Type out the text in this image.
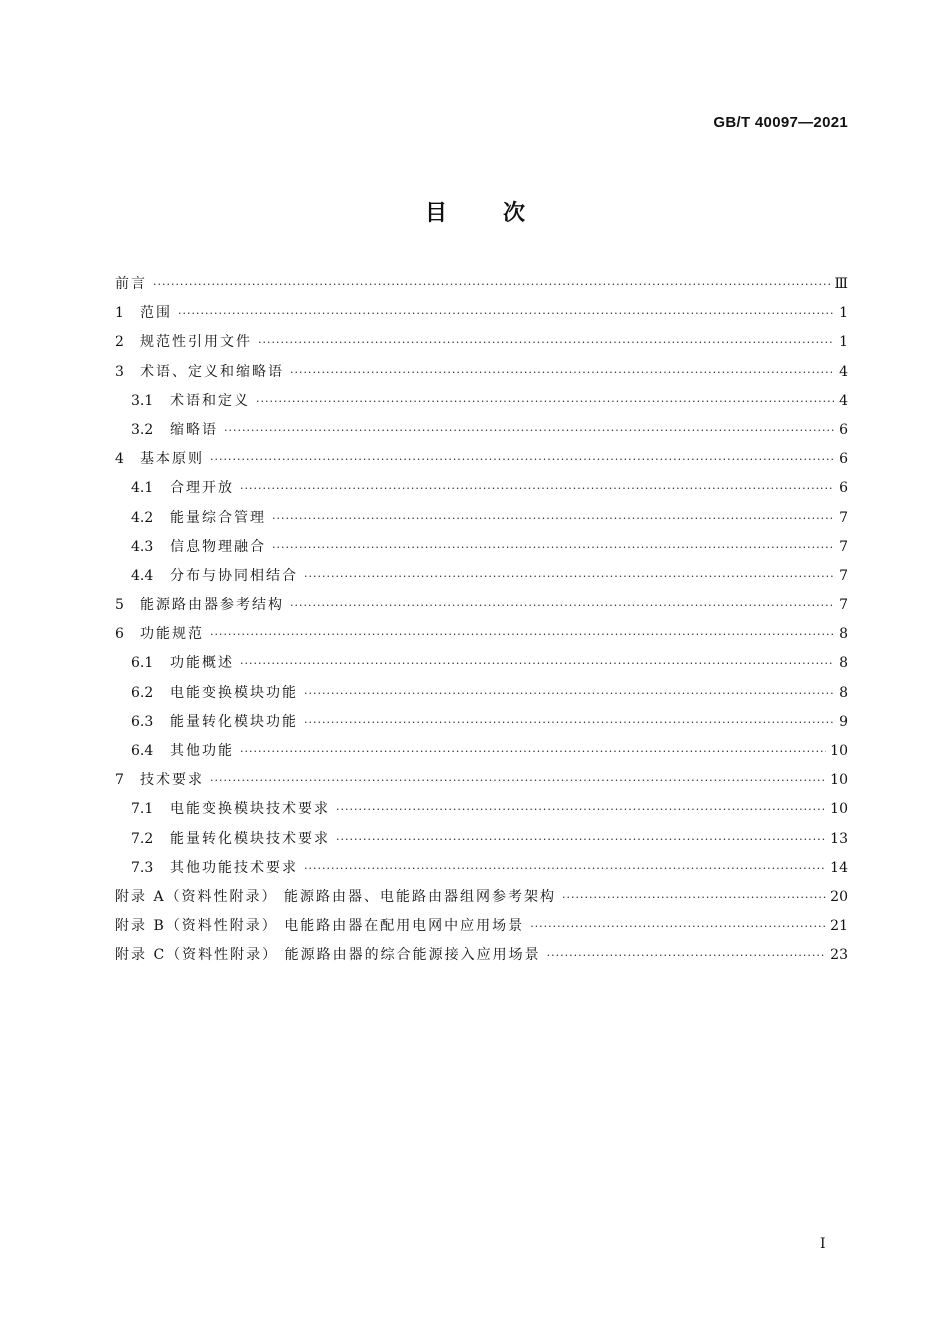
GB/T 40097—2021
目次
前言 ·····	Ⅲ
1	范围 ·····	1
2	规范性引用文件 ·····	1
3	术语、定义和缩略语 ·····	4
3.1	术语和定义 ·····	4
3.2	缩略语 ·····	6
4	基本原则 ·····	6
4.1	合理开放 ·····	6
4.2	能量综合管理 ·····	7
4.3	信息物理融合 ·····	7
4.4	分布与协同相结合 ·····	7
5	能源路由器参考结构 ·····	7
6	功能规范 ·····	8
6.1	功能概述 ·····	8
6.2	电能变换模块功能 ·····	8
6.3	能量转化模块功能 ·····	9
6.4	其他功能 ·····	10
7	技术要求 ·····	10
7.1	电能变换模块技术要求 ·····	10
7.2	能量转化模块技术要求 ·····	13
7.3	其他功能技术要求 ·····	14
附录 A（资料性附录） 能源路由器、电能路由器组网参考架构 ·····	20
附录 B（资料性附录） 电能路由器在配用电网中应用场景 ·····	21
附录 C（资料性附录） 能源路由器的综合能源接入应用场景 ·····	23
Ⅰ
